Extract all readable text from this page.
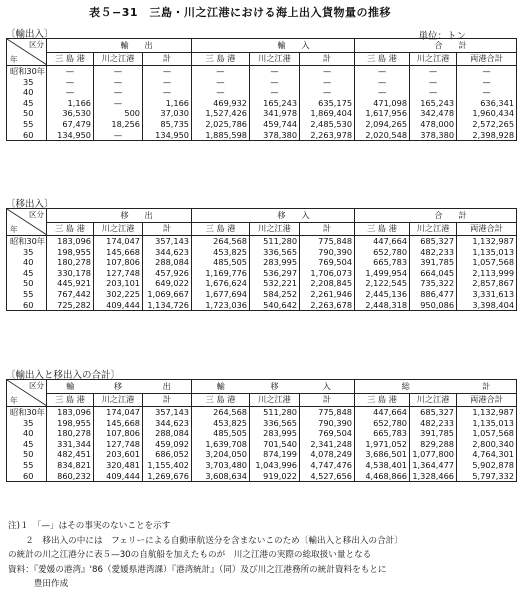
表５−31　三島・川之江港における海上出入貨物量の推移
〔輸出入〕	単位：トン
区分
年	輸		出	輸		入	合		計
	三 島 港	川之江港	計	三 島 港	川之江港	計	三 島 港	川之江港	両港合計
昭和30年	—	—	—	—	—	—	—	—	—
35	—	—	—	—	—	—	—	—	—
40	—	—	—	—	—	—	—	—	—
45	1,166	—	1,166	469,932	165,243	635,175	471,098	165,243	636,341
50	36,530	500	37,030	1,527,426	341,978	1,869,404	1,617,956	342,478	1,960,434
55	67,479	18,256	85,735	2,025,786	459,744	2,485,530	2,094,265	478,000	2,572,265
60	134,950	—	134,950	1,885,598	378,380	2,263,978	2,020,548	378,380	2,398,928
〔移出入〕
区分
年	移		出	移		入	合		計
	三 島 港	川之江港	計	三 島 港	川之江港	計	三 島 港	川之江港	両港合計
昭和30年	183,096	174,047	357,143	264,568	511,280	775,848	447,664	685,327	1,132,987
35	198,955	145,668	344,623	453,825	336,565	790,390	652,780	482,233	1,135,013
40	180,278	107,806	288,084	485,505	283,995	769,504	665,783	391,785	1,057,568
45	330,178	127,748	457,926	1,169,776	536,297	1,706,073	1,499,954	664,045	2,113,999
50	445,921	203,101	649,022	1,676,624	532,221	2,208,845	2,122,545	735,322	2,857,867
55	767,442	302,225	1,069,667	1,677,694	584,252	2,261,946	2,445,136	886,477	3,331,613
60	725,282	409,444	1,134,726	1,723,036	540,642	2,263,678	2,448,318	950,086	3,398,404
〔輸出入と移出入の合計〕
区分
年	輸	移	出	輸	移	入	総		計
	三 島 港	川之江港	計	三 島 港	川之江港	計	三 島 港	川之江港	両港合計
昭和30年	183,096	174,047	357,143	264,568	511,280	775,848	447,664	685,327	1,132,987
35	198,955	145,668	344,623	453,825	336,565	790,390	652,780	482,233	1,135,013
40	180,278	107,806	288,084	485,505	283,995	769,504	665,783	391,785	1,057,568
45	331,344	127,748	459,092	1,639,708	701,540	2,341,248	1,971,052	829,288	2,800,340
50	482,451	203,601	686,052	3,204,050	874,199	4,078,249	3,686,501	1,077,800	4,764,301
55	834,821	320,481	1,155,402	3,703,480	1,043,996	4,747,476	4,538,401	1,364,477	5,902,878
60	860,232	409,444	1,269,676	3,608,634	919,022	4,527,656	4,468,866	1,328,466	5,797,332
注)１　「—」はその事実のないことを示す
　　２　移出入の中には　フェリーによる自動車航送分を含まないこのため〔輸出入と移出入の合計〕
の統計の川之江港分に表５—30の自航船を加えたものが　川之江港の実際の総取扱い量となる
資料：『愛媛の港湾』'86（愛媛県港湾課）『港湾統計』（同）及び川之江港務所の統計資料をもとに
　　　豊田作成
